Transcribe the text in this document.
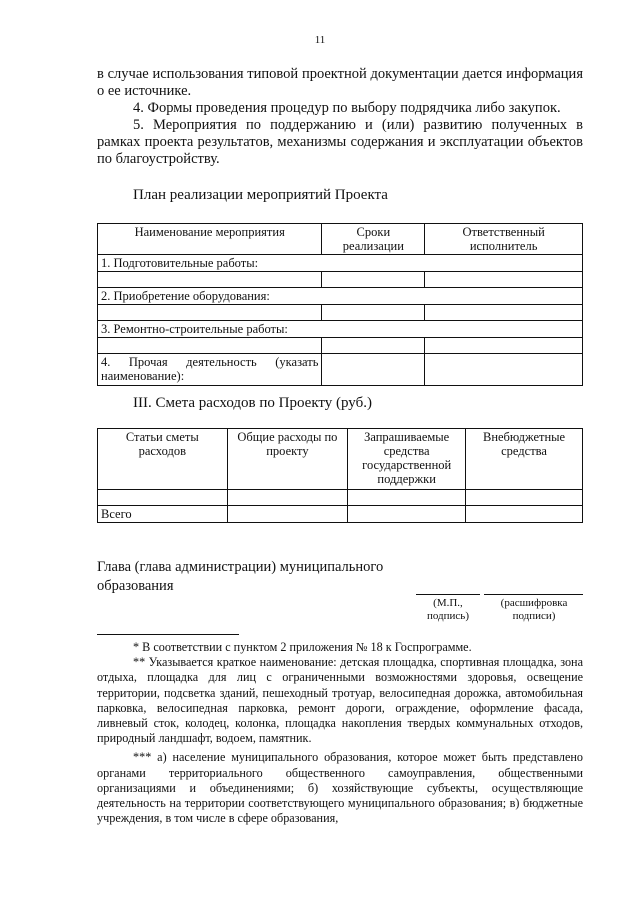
11

в случае использования типовой проектной документации дается информация о ее источнике.

4. Формы проведения процедур по выбору подрядчика либо закупок.

5. Мероприятия по поддержанию и (или) развитию полученных в рамках проекта результатов, механизмы содержания и эксплуатации объектов по благоустройству.

План реализации мероприятий Проекта
Наименование мероприятия	Сроки реализации	Ответственный исполнитель
1. Подготовительные работы:		

2. Приобретение оборудования:		

3. Ремонтно-строительные работы:		

4. Прочая деятельность (указать наименование):		
III. Смета расходов по Проекту (руб.)
Статьи сметы расходов	Общие расходы по проекту	Запрашиваемые средства государственной поддержки	Внебюджетные средства

Всего			
Глава (глава администрации) муниципального образования
(М.П., подпись)
(расшифровка подписи)

* В соответствии с пунктом 2 приложения № 18 к Госпрограмме.

** Указывается краткое наименование: детская площадка, спортивная площадка, зона отдыха, площадка для лиц с ограниченными возможностями здоровья, освещение территории, подсветка зданий, пешеходный тротуар, велосипедная дорожка, автомобильная парковка, велосипедная парковка, ремонт дороги, ограждение, оформление фасада, ливневый сток, колодец, колонка, площадка накопления твердых коммунальных отходов, природный ландшафт, водоем, памятник.

*** а) население муниципального образования, которое может быть представлено органами территориального общественного самоуправления, общественными организациями и объединениями; б) хозяйствующие субъекты, осуществляющие деятельность на территории соответствующего муниципального образования; в) бюджетные учреждения, в том числе в сфере образования,
